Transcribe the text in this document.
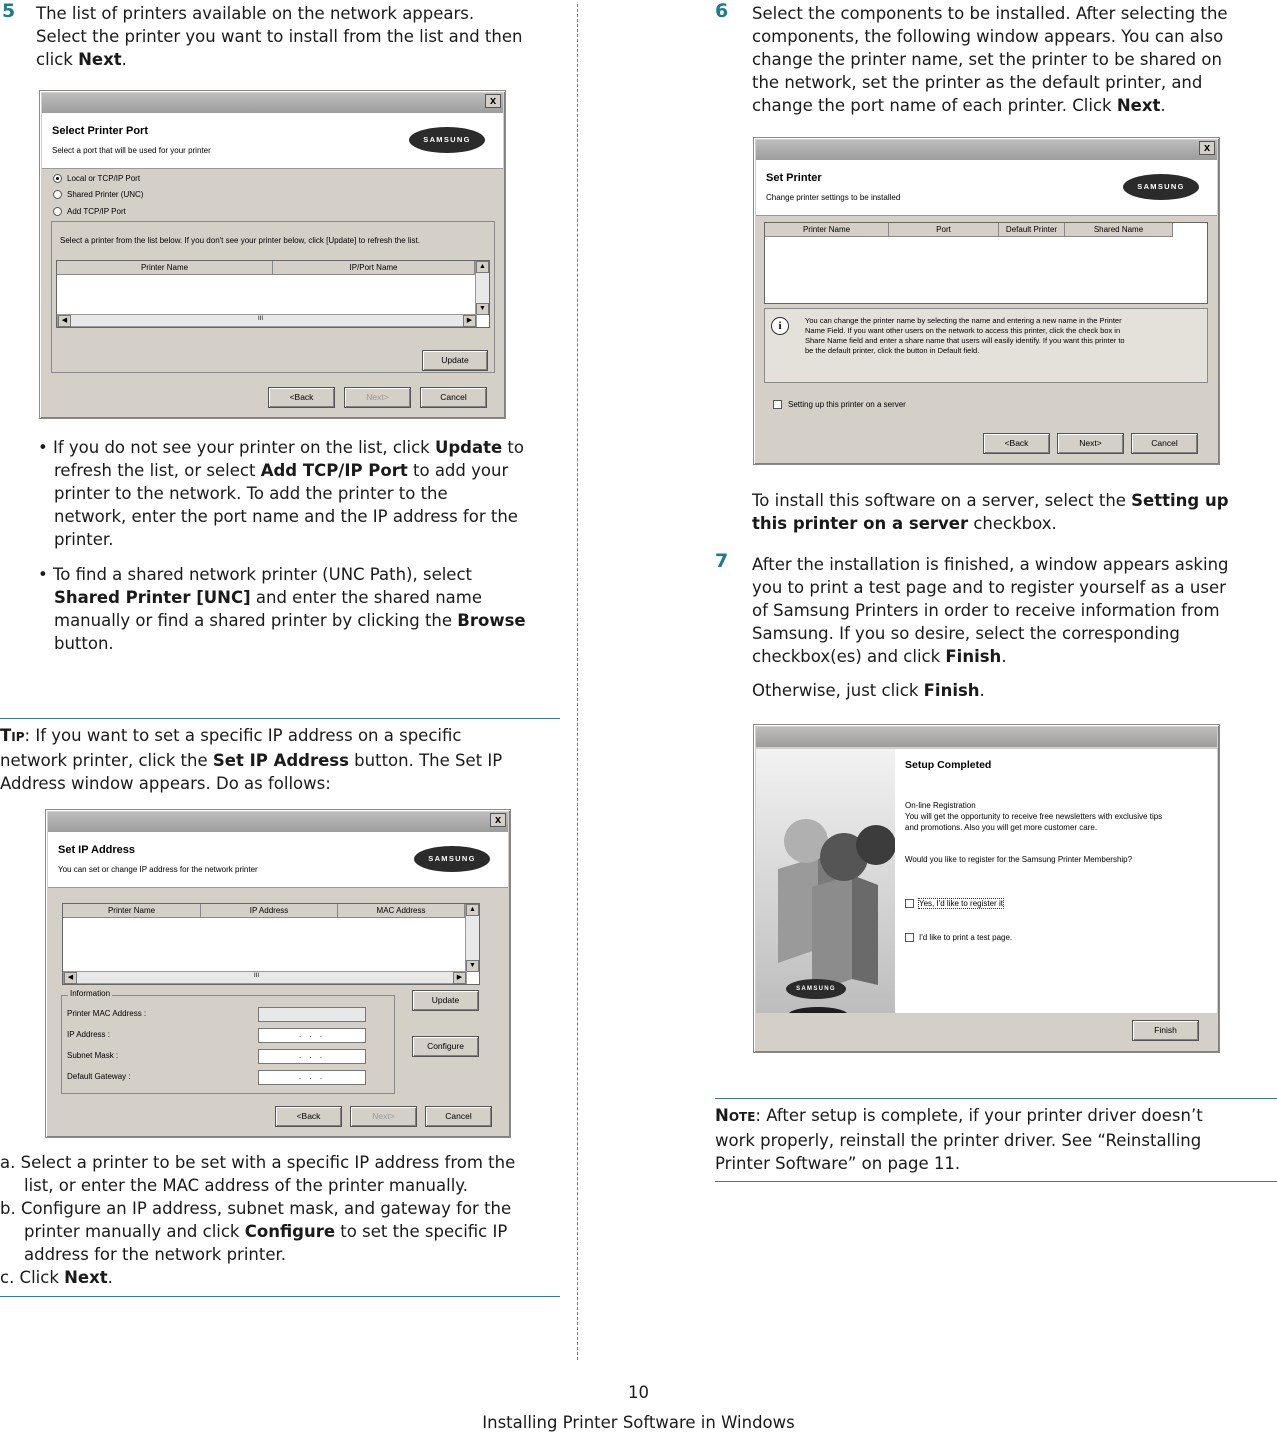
5 The list of printers available on the network appears.
Select the printer you want to install from the list and then
click Next.
x
Select Printer Port
Select a port that will be used for your printer
SAMSUNG
Local or TCP/IP Port
Shared Printer (UNC)
Add TCP/IP Port
Select a printer from the list below. If you don't see your printer below, click [Update] to refresh the list.
Printer Name	IP/Port Name	▲
▼
◀	III	▶
Update
<Back	Next>	Cancel
• If you do not see your printer on the list, click Update to
refresh the list, or select Add TCP/IP Port to add your
printer to the network. To add the printer to the
network, enter the port name and the IP address for the
printer.
• To find a shared network printer (UNC Path), select
Shared Printer [UNC] and enter the shared name
manually or find a shared printer by clicking the Browse
button.
TIP: If you want to set a specific IP address on a specific
network printer, click the Set IP Address button. The Set IP
Address window appears. Do as follows:
x
Set IP Address
You can set or change IP address for the network printer
SAMSUNG
Printer Name	IP Address	MAC Address	▲
▼
◀	III	▶
Information
Printer MAC Address :
IP Address :	. . .
Subnet Mask :	. . .
Default Gateway :	. . .
Update
Configure
<Back	Next>	Cancel
a. Select a printer to be set with a specific IP address from the
list, or enter the MAC address of the printer manually.
b. Configure an IP address, subnet mask, and gateway for the
printer manually and click Configure to set the specific IP
address for the network printer.
c. Click Next.
6 Select the components to be installed. After selecting the
components, the following window appears. You can also
change the printer name, set the printer to be shared on
the network, set the printer as the default printer, and
change the port name of each printer. Click Next.
x
Set Printer
Change printer settings to be installed
SAMSUNG
Printer Name	Port	Default Printer	Shared Name
i	You can change the printer name by selecting the name and entering a new name in the Printer
Name Field. If you want other users on the network to access this printer, click the check box in
Share Name field and enter a share name that users will easily identify. If you want this printer to
be the default printer, click the button in Default field.
Setting up this printer on a server
<Back	Next>	Cancel
To install this software on a server, select the Setting up
this printer on a server checkbox.
7 After the installation is finished, a window appears asking
you to print a test page and to register yourself as a user
of Samsung Printers in order to receive information from
Samsung. If you so desire, select the corresponding
checkbox(es) and click Finish.
Otherwise, just click Finish.
SAMSUNG
Setup Completed
On-line Registration
You will get the opportunity to receive free newsletters with exclusive tips
and promotions. Also you will get more customer care.
Would you like to register for the Samsung Printer Membership?
Yes, I'd like to register it
I'd like to print a test page.
Finish
NOTE: After setup is complete, if your printer driver doesn’t
work properly, reinstall the printer driver. See “Reinstalling
Printer Software” on page 11.
10
Installing Printer Software in Windows
